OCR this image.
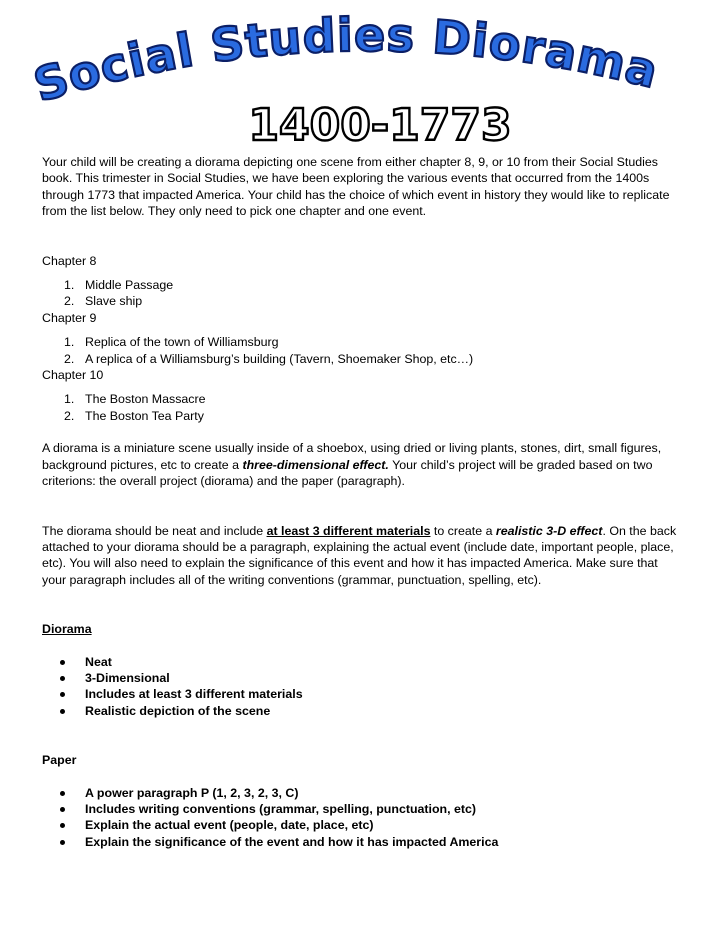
Social Studies Diorama
1400-1773

Your child will be creating a diorama depicting one scene from either chapter 8, 9, or 10 from their Social Studies book. This trimester in Social Studies, we have been exploring the various events that occurred from the 1400s through 1773 that impacted America. Your child has the choice of which event in history they would like to replicate from the list below. They only need to pick one chapter and one event.

Chapter 8

1. Middle Passage
2. Slave ship

Chapter 9

1. Replica of the town of Williamsburg
2. A replica of a Williamsburg’s building (Tavern, Shoemaker Shop, etc…)

Chapter 10

1. The Boston Massacre
2. The Boston Tea Party

A diorama is a miniature scene usually inside of a shoebox, using dried or living plants, stones, dirt, small figures, background pictures, etc to create a three-dimensional effect. Your child’s project will be graded based on two criterions: the overall project (diorama) and the paper (paragraph).

The diorama should be neat and include at least 3 different materials to create a realistic 3-D effect. On the back attached to your diorama should be a paragraph, explaining the actual event (include date, important people, place, etc). You will also need to explain the significance of this event and how it has impacted America. Make sure that your paragraph includes all of the writing conventions (grammar, punctuation, spelling, etc).

Diorama

Neat
3-Dimensional
Includes at least 3 different materials
Realistic depiction of the scene

Paper

A power paragraph P (1, 2, 3, 2, 3, C)
Includes writing conventions (grammar, spelling, punctuation, etc)
Explain the actual event (people, date, place, etc)
Explain the significance of the event and how it has impacted America
